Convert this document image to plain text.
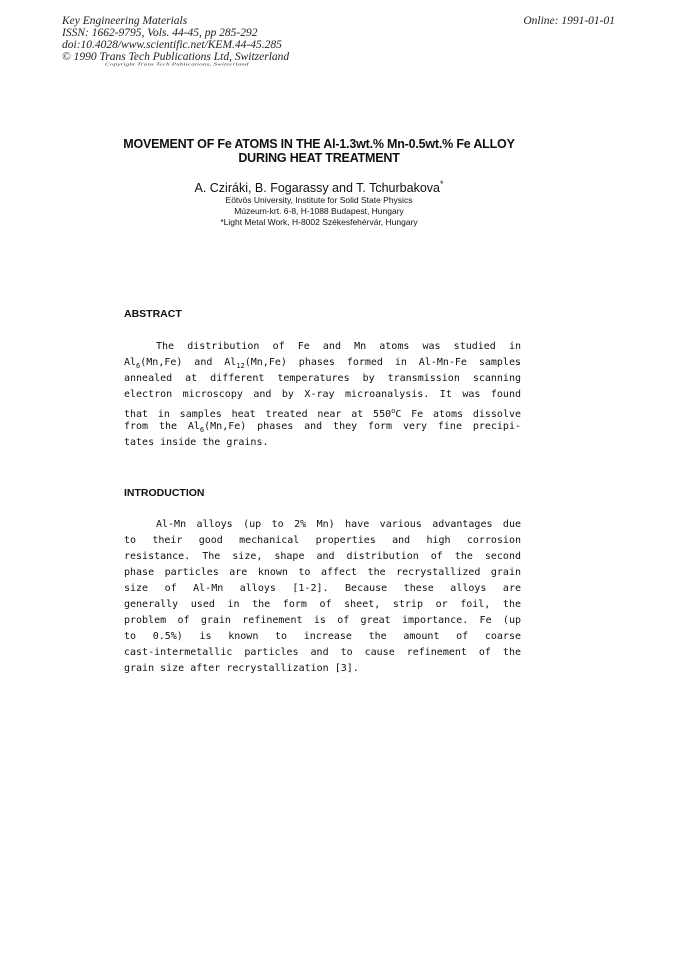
Key Engineering Materials
ISSN: 1662-9795, Vols. 44-45, pp 285-292
doi:10.4028/www.scientific.net/KEM.44-45.285
© 1990 Trans Tech Publications Ltd, Switzerland
Online: 1991-01-01
Copyright Trans Tech Publications, Switzerland
MOVEMENT OF Fe ATOMS IN THE Al-1.3wt.% Mn-0.5wt.% Fe ALLOY
DURING HEAT TREATMENT
A. Cziráki, B. Fogarassy and T. Tchurbakova*
Eötvös University, Institute for Solid State Physics
Múzeum-krt. 6-8, H-1088 Budapest, Hungary
*Light Metal Work, H-8002 Székesfehérvár, Hungary
ABSTRACT
The distribution of Fe and Mn atoms was studied in
$Al_6(Mn,Fe)$ and $Al_{12}(Mn,Fe)$ phases formed in Al-Mn-Fe samples
annealed at different temperatures by transmission scanning
electron microscopy and by X-ray microanalysis. It was found
that in samples heat treated near at 550$^o$C Fe atoms dissolve
from the $Al_6(Mn,Fe)$ phases and they form very fine precipi-
tates inside the grains.
INTRODUCTION
Al-Mn alloys (up to 2% Mn) have various advantages due
to their good mechanical properties and high corrosion
resistance. The size, shape and distribution of the second
phase particles are known to affect the recrystallized grain
size of Al-Mn alloys [1-2]. Because these alloys are
generally used in the form of sheet, strip or foil, the
problem of grain refinement is of great importance. Fe (up
to 0.5%) is known to increase the amount of coarse
cast-intermetallic particles and to cause refinement of the
grain size after recrystallization [3].
